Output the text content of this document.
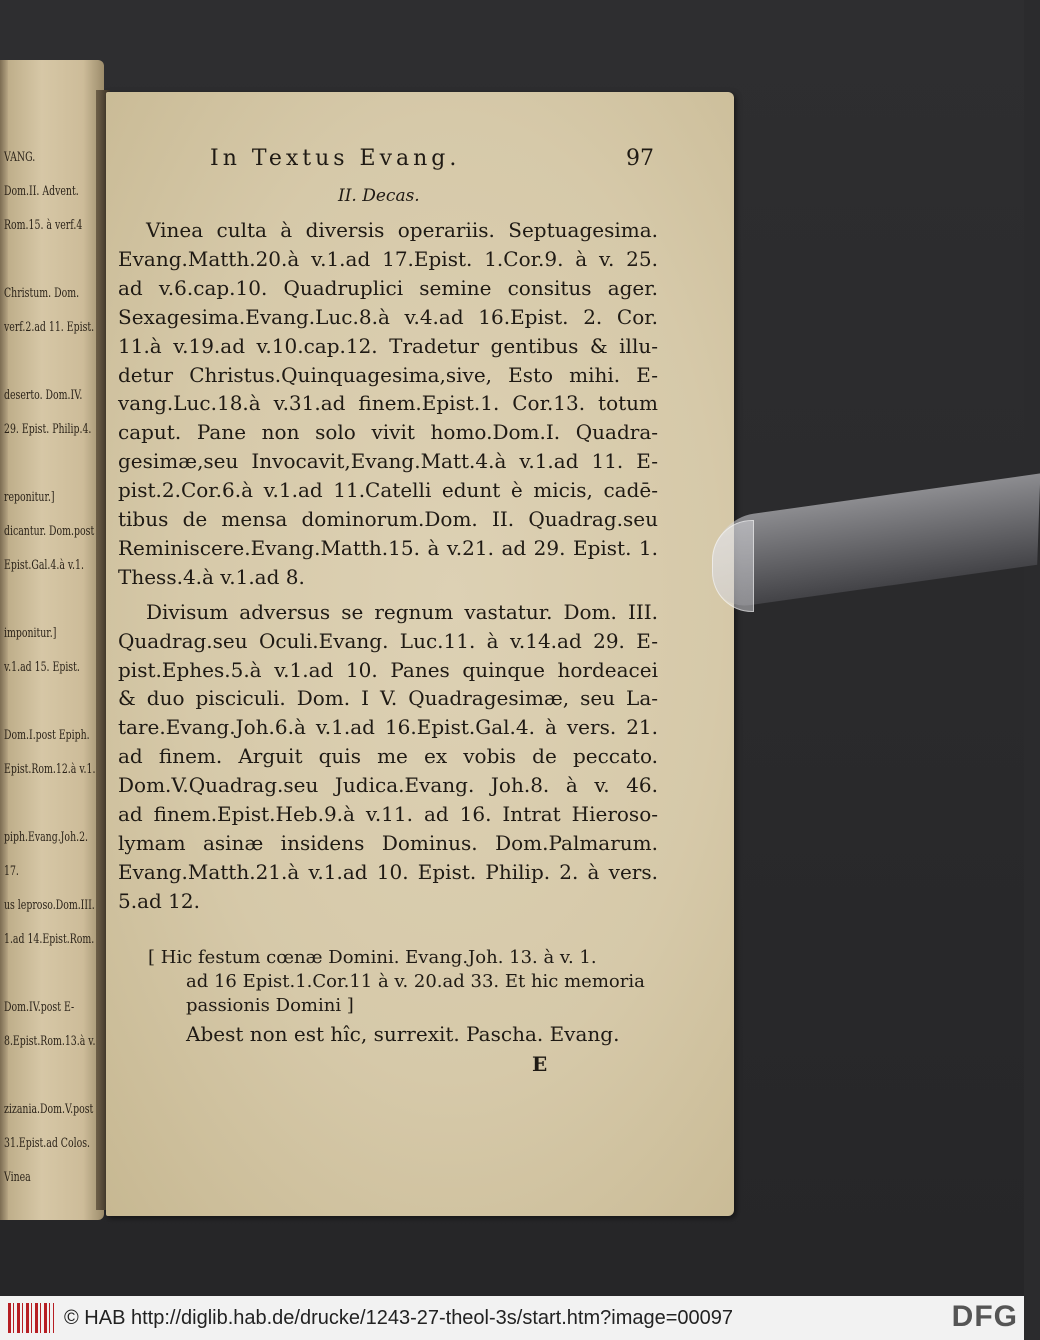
VANG.
Dom.II. Advent.
Rom.15. à verf.4
Christum. Dom.
verf.2.ad 11. Epist.
deserto. Dom.IV.
29. Epist. Philip.4.
reponitur.]
dicantur. Dom.post
Epist.Gal.4.à v.1.
imponitur.]
v.1.ad 15. Epist.
Dom.I.post Epiph.
Epist.Rom.12.à v.1.
piph.Evang.Joh.2.
17.
us leproso.Dom.III.
1.ad 14.Epist.Rom.
Dom.IV.post E-
8.Epist.Rom.13.à v.
zizania.Dom.V.post
31.Epist.ad Colos.
Vinea
In Textus Evang.	97
II. Decas.
Vinea culta à diversis operariis. Septuagesima.
Evang.Matth.20.à v.1.ad 17.Epist. 1.Cor.9. à v. 25.
ad v.6.cap.10. Quadruplici semine consitus ager.
Sexagesima.Evang.Luc.8.à v.4.ad 16.Epist. 2. Cor.
11.à v.19.ad v.10.cap.12. Tradetur gentibus & illu-
detur Christus.Quinquagesima,sive, Esto mihi. E-
vang.Luc.18.à v.31.ad finem.Epist.1. Cor.13. totum
caput. Pane non solo vivit homo.Dom.I. Quadra-
gesimæ,seu Invocavit,Evang.Matt.4.à v.1.ad 11. E-
pist.2.Cor.6.à v.1.ad 11.Catelli edunt è micis, cadē-
tibus de mensa dominorum.Dom. II. Quadrag.seu
Reminiscere.Evang.Matth.15. à v.21. ad 29. Epist. 1.
Thess.4.à v.1.ad 8.
Divisum adversus se regnum vastatur. Dom. III.
Quadrag.seu Oculi.Evang. Luc.11. à v.14.ad 29. E-
pist.Ephes.5.à v.1.ad 10. Panes quinque hordeacei
& duo pisciculi. Dom. I V. Quadragesimæ, seu La-
tare.Evang.Joh.6.à v.1.ad 16.Epist.Gal.4. à vers. 21.
ad finem. Arguit quis me ex vobis de peccato.
Dom.V.Quadrag.seu Judica.Evang. Joh.8. à v. 46.
ad finem.Epist.Heb.9.à v.11. ad 16. Intrat Hieroso-
lymam asinæ insidens Dominus. Dom.Palmarum.
Evang.Matth.21.à v.1.ad 10. Epist. Philip. 2. à vers.
5.ad 12.
[ Hic festum cœnæ Domini. Evang.Joh. 13. à v. 1.
ad 16 Epist.1.Cor.11 à v. 20.ad 33. Et hic memoria
passionis Domini ]
Abest non est hîc, surrexit. Pascha. Evang.
E
© HAB http://diglib.hab.de/drucke/1243-27-theol-3s/start.htm?image=00097	DFG
